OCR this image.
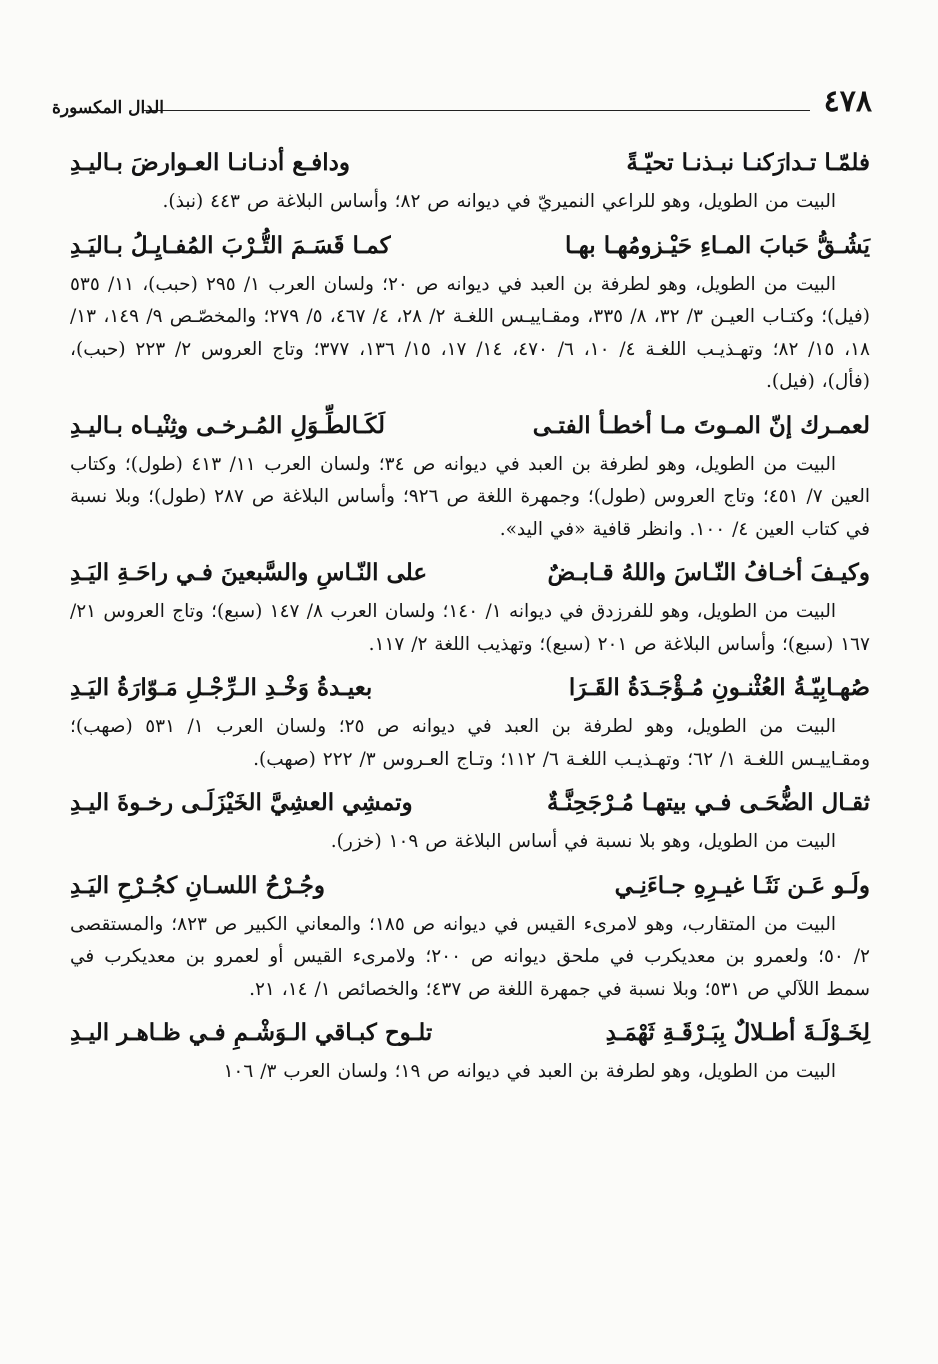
٤٧٨
الدال المكسورة
فلمّـا تـدارَكنـا نبـذنـا تحيّـةً
ودافـع أدنـانـا العـوارضَ بـاليـدِ

البيت من الطويل، وهو للراعي النميريّ في ديوانه ص ٨٢؛ وأساس البلاغة ص ٤٤٣ (نبذ).

يَشُـقُّ حَبابَ المـاءِ حَيْـزومُهـا بهـا
كمـا قَسَـمَ التُّـرْبَ المُفـايِـلُ بـاليَـدِ

البيت من الطويل، وهو لطرفة بن العبد في ديوانه ص ٢٠؛ ولسان العرب ١/ ٢٩٥ (حبب)، ١١/ ٥٣٥ (فيل)؛ وكتـاب العيـن ٣/ ٣٢، ٨/ ٣٣٥، ومقـاييـس اللغـة ٢/ ٢٨، ٤/ ٤٦٧، ٥/ ٢٧٩؛ والمخصّـص ٩/ ١٤٩، ١٣/ ١٨، ١٥/ ٨٢؛ وتهـذيـب اللغـة ٤/ ١٠، ٦/ ٤٧٠، ١٤/ ١٧، ١٥/ ١٣٦، ٣٧٧؛ وتاج العروس ٢/ ٢٢٣ (حبب)، (فأل)، (فيل).

لعمـرك إنّ المـوتَ مـا أخطـأ الفتـى
لَكَـالطِّـوَلِ المُـرخـى وثِنْيـاه بـاليـدِ

البيت من الطويل، وهو لطرفة بن العبد في ديوانه ص ٣٤؛ ولسان العرب ١١/ ٤١٣ (طول)؛ وكتاب العين ٧/ ٤٥١؛ وتاج العروس (طول)؛ وجمهرة اللغة ص ٩٢٦؛ وأساس البلاغة ص ٢٨٧ (طول)؛ وبلا نسبة في كتاب العين ٤/ ١٠٠. وانظر قافية «في اليد».

وكيـفَ أخـافُ النّـاسَ واللهُ قـابـضٌ
على النّـاسِ والسَّبعينَ فـي راحَـةِ اليَـدِ

البيت من الطويل، وهو للفرزدق في ديوانه ١/ ١٤٠؛ ولسان العرب ٨/ ١٤٧ (سبع)؛ وتاج العروس ٢١/ ١٦٧ (سبع)؛ وأساس البلاغة ص ٢٠١ (سبع)؛ وتهذيب اللغة ٢/ ١١٧.

صُهـابِيّـةُ العُثْنـونِ مُـؤْجَـدَةُ القَـرَا
بعيـدةُ وَخْـدِ الـرِّجْـلِ مَـوّارَةُ اليَـدِ

البيت من الطويل، وهو لطرفة بن العبد في ديوانه ص ٢٥؛ ولسان العرب ١/ ٥٣١ (صهب)؛ ومقـاييـس اللغـة ١/ ٦٢؛ وتهـذيـب اللغـة ٦/ ١١٢؛ وتـاج العـروس ٣/ ٢٢٢ (صهب).

ثقـال الضُّحَـى فـي بيتهـا مُـرْجَحِنَّـةٌ
وتمشِي العشِيَّ الخَيْزَلَـى رخـوةَ اليـدِ

البيت من الطويل، وهو بلا نسبة في أساس البلاغة ص ١٠٩ (خزر).

ولَـو عَـن نَثَـا غيـرِهِ جـاءَنِـي
وجُـرْحُ اللسـانِ كجُـرْحِ اليَـدِ

البيت من المتقارب، وهو لامرىء القيس في ديوانه ص ١٨٥؛ والمعاني الكبير ص ٨٢٣؛ والمستقصى ٢/ ٥٠؛ ولعمرو بن معديكرب في ملحق ديوانه ص ٢٠٠؛ ولامرىء القيس أو لعمرو بن معديكرب في سمط اللآلي ص ٥٣١؛ وبلا نسبة في جمهرة اللغة ص ٤٣٧؛ والخصائص ١/ ١٤، ٢١.

لِخَـوْلَـةَ أطـلالٌ بِبَـرْقَـةِ ثَهْمَـدِ
تلـوح كبـاقي الـوَشْـمِ فـي ظـاهـر اليـدِ

البيت من الطويل، وهو لطرفة بن العبد في ديوانه ص ١٩؛ ولسان العرب ٣/ ١٠٦
